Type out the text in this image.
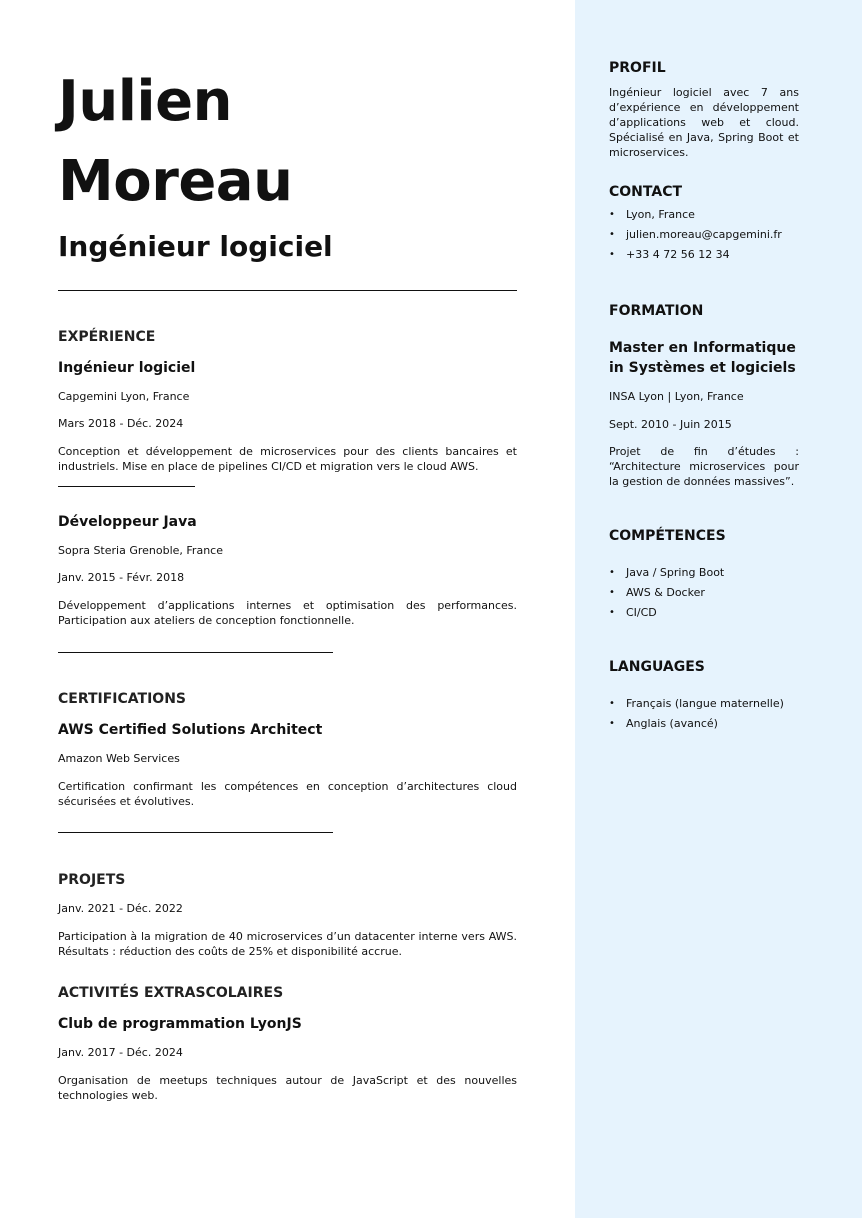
Julien
Moreau
Ingénieur logiciel
EXPÉRIENCE
Ingénieur logiciel
Capgemini Lyon, France
Mars 2018 - Déc. 2024
Conception et développement de microservices pour des clients bancaires et industriels. Mise en place de pipelines CI/CD et migration vers le cloud AWS.
Développeur Java
Sopra Steria Grenoble, France
Janv. 2015 - Févr. 2018
Développement d’applications internes et optimisation des performances. Participation aux ateliers de conception fonctionnelle.
CERTIFICATIONS
AWS Certified Solutions Architect
Amazon Web Services
Certification confirmant les compétences en conception d’architectures cloud sécurisées et évolutives.
PROJETS
Janv. 2021 - Déc. 2022
Participation à la migration de 40 microservices d’un datacenter interne vers AWS. Résultats : réduction des coûts de 25% et disponibilité accrue.
ACTIVITÉS EXTRASCOLAIRES
Club de programmation LyonJS
Janv. 2017 - Déc. 2024
Organisation de meetups techniques autour de JavaScript et des nouvelles technologies web.
PROFIL
Ingénieur logiciel avec 7 ans d’expérience en développement d’applications web et cloud. Spécialisé en Java, Spring Boot et microservices.
CONTACT
• Lyon, France
• julien.moreau@capgemini.fr
• +33 4 72 56 12 34
FORMATION
Master en Informatique in Systèmes et logiciels
INSA Lyon | Lyon, France
Sept. 2010 - Juin 2015
Projet de fin d’études : “Architecture microservices pour la gestion de données massives”.
COMPÉTENCES
• Java / Spring Boot
• AWS & Docker
• CI/CD
LANGUAGES
• Français (langue maternelle)
• Anglais (avancé)
